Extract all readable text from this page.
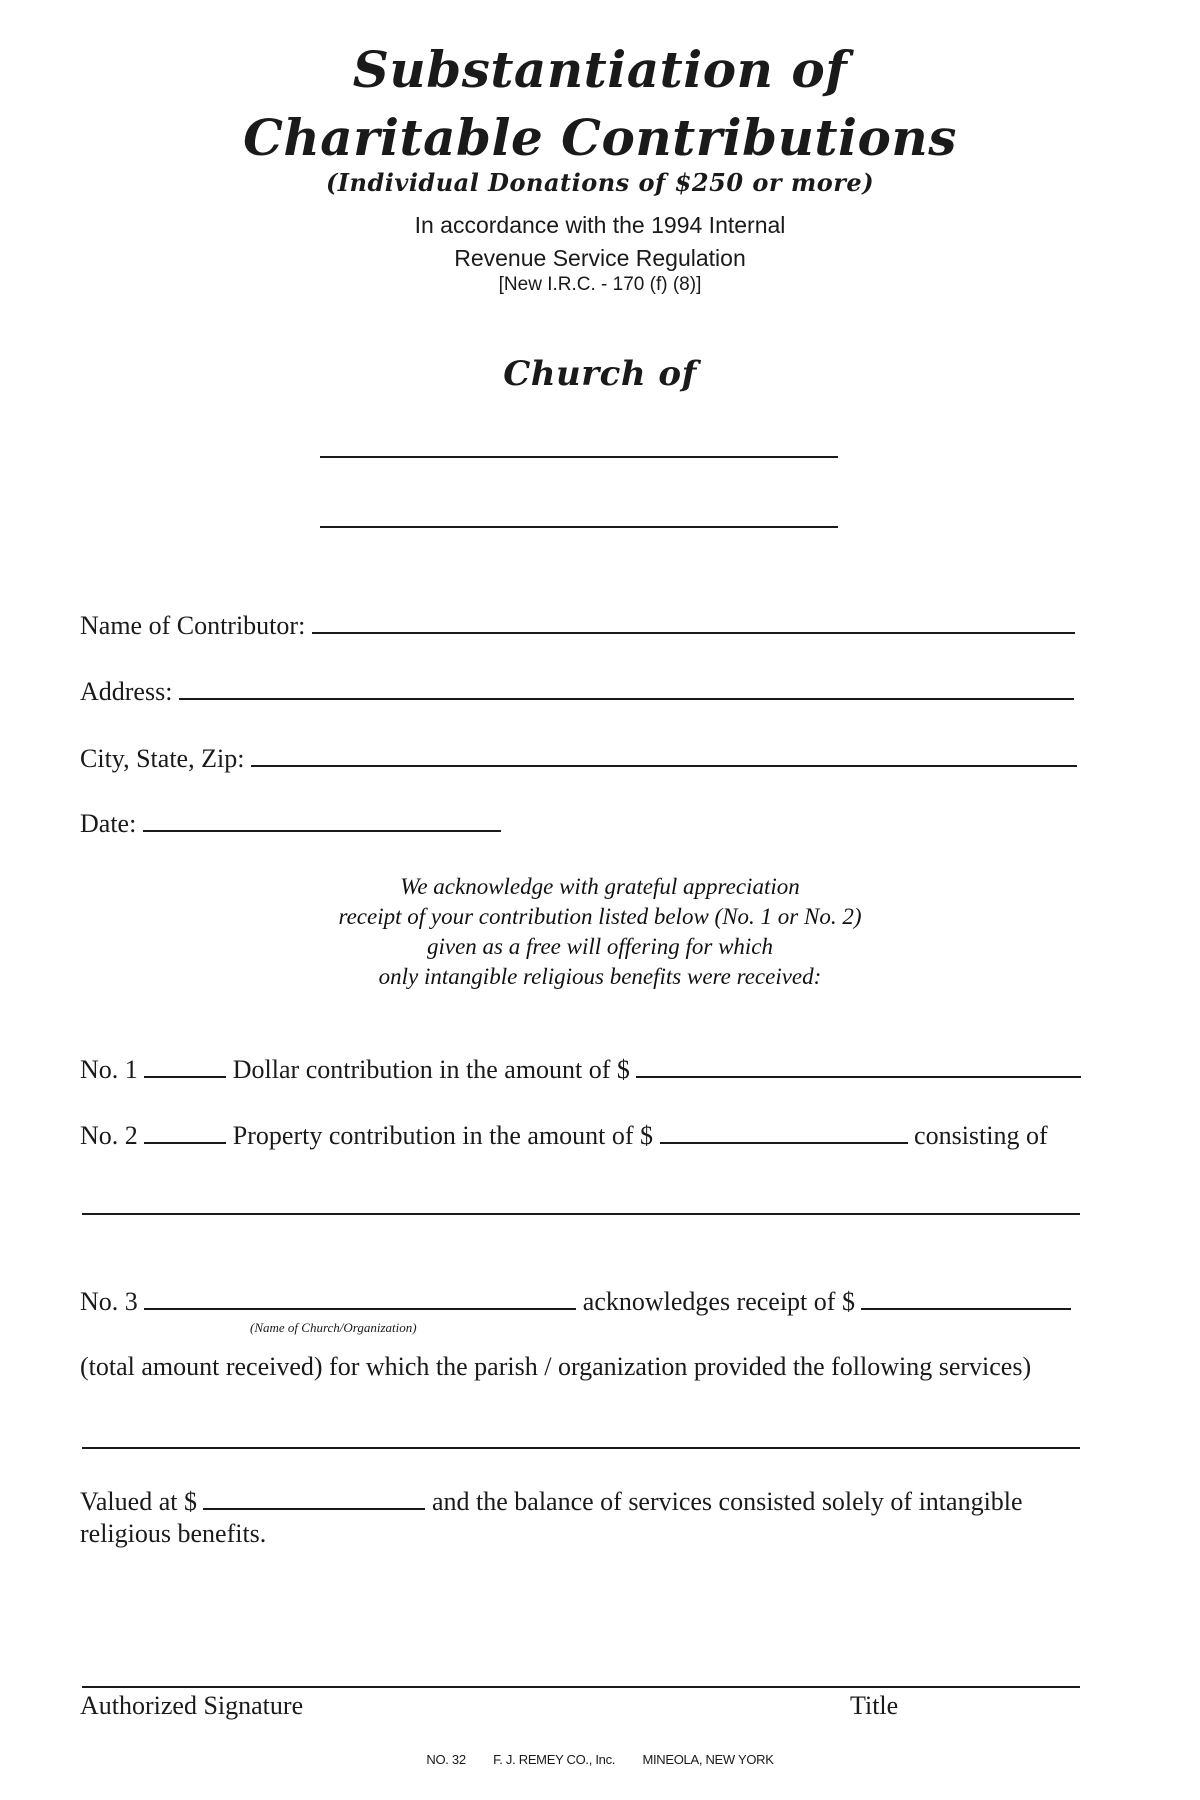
Substantiation of
Charitable Contributions
(Individual Donations of $250 or more)
In accordance with the 1994 Internal
Revenue Service Regulation
[New I.R.C. - 170 (f) (8)]
Church of
Name of Contributor:
Address:
City, State, Zip:
Date:
We acknowledge with grateful appreciation
receipt of your contribution listed below (No. 1 or No. 2)
given as a free will offering for which
only intangible religious benefits were received:
No. 1	Dollar contribution in the amount of $
No. 2	Property contribution in the amount of $	consisting of
No. 3	acknowledges receipt of $
(Name of Church/Organization)
(total amount received) for which the parish / organization provided the following services)
Valued at $	and the balance of services consisted solely of intangible
religious benefits.
Authorized Signature	Title
NO. 32 F. J. REMEY CO., Inc. MINEOLA, NEW YORK
